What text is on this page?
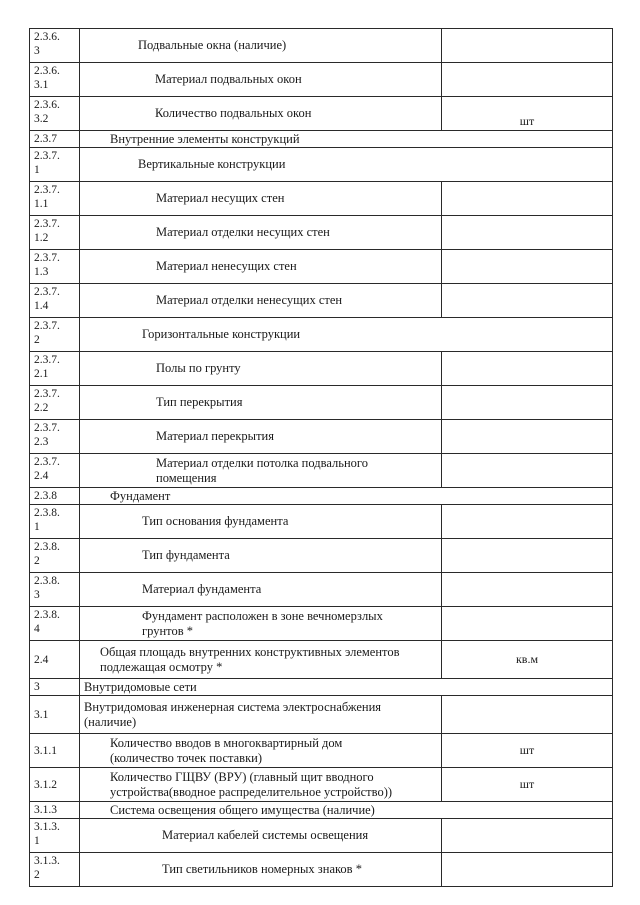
2.3.6.
3	Подвальные окна (наличие)	
2.3.6.
3.1	Материал подвальных окон	
2.3.6.
3.2	Количество подвальных окон	шт
2.3.7	Внутренние элементы конструкций	
2.3.7.
1	Вертикальные конструкции	
2.3.7.
1.1	Материал несущих стен	
2.3.7.
1.2	Материал отделки несущих стен	
2.3.7.
1.3	Материал ненесущих стен	
2.3.7.
1.4	Материал отделки ненесущих стен	
2.3.7.
2	Горизонтальные конструкции	
2.3.7.
2.1	Полы по грунту	
2.3.7.
2.2	Тип перекрытия	
2.3.7.
2.3	Материал перекрытия	
2.3.7.
2.4	Материал отделки потолка подвального
помещения	
2.3.8	Фундамент	
2.3.8.
1	Тип основания фундамента	
2.3.8.
2	Тип фундамента	
2.3.8.
3	Материал фундамента	
2.3.8.
4	Фундамент расположен в зоне вечномерзлых
грунтов *	
2.4	Общая площадь внутренних конструктивных элементов
подлежащая осмотру *	кв.м
3	Внутридомовые сети	
3.1	Внутридомовая инженерная система электроснабжения
(наличие)	
3.1.1	Количество вводов в многоквартирный дом
(количество точек поставки)	шт
3.1.2	Количество ГЩВУ (ВРУ) (главный щит вводного
устройства(вводное распределительное устройство))	шт
3.1.3	Система освещения общего имущества (наличие)	
3.1.3.
1	Материал кабелей системы освещения	
3.1.3.
2	Тип светильников номерных знаков *	
